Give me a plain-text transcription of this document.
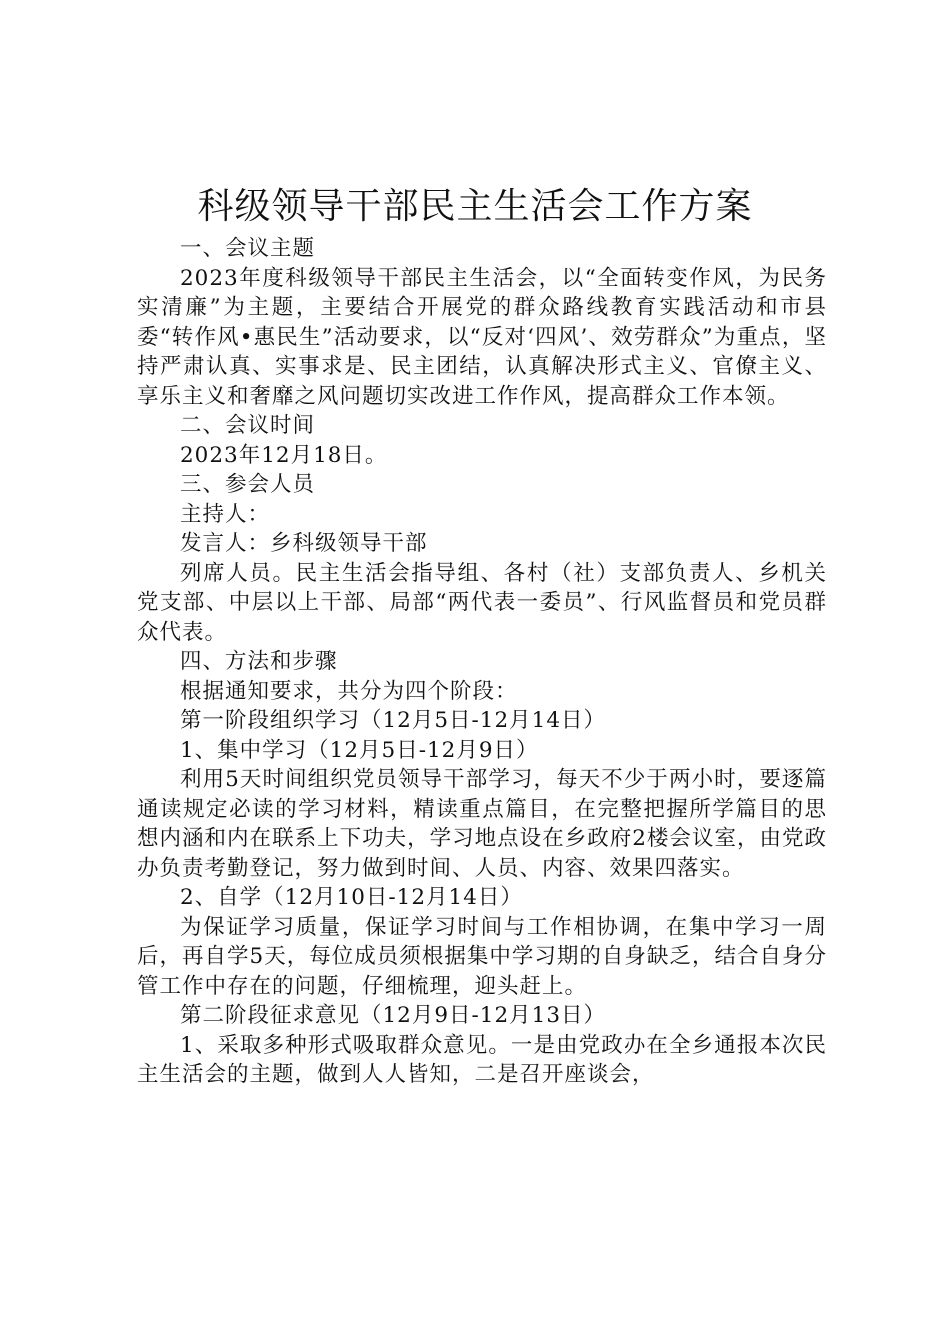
科级领导干部民主生活会工作方案

一、会议主题

2023年度科级领导干部民主生活会，以“全面转变作风，为民务实清廉”为主题，主要结合开展党的群众路线教育实践活动和市县委“转作风•惠民生”活动要求，以“反对‘四风’、效劳群众”为重点，坚持严肃认真、实事求是、民主团结，认真解决形式主义、官僚主义、享乐主义和奢靡之风问题切实改进工作作风，提高群众工作本领。

二、会议时间

2023年12月18日。

三、参会人员

主持人：

发言人：乡科级领导干部

列席人员。民主生活会指导组、各村（社）支部负责人、乡机关党支部、中层以上干部、局部“两代表一委员”、行风监督员和党员群众代表。

四、方法和步骤

根据通知要求，共分为四个阶段：

第一阶段组织学习（12月5日-12月14日）

1、集中学习（12月5日-12月9日）

利用5天时间组织党员领导干部学习，每天不少于两小时，要逐篇通读规定必读的学习材料，精读重点篇目，在完整把握所学篇目的思想内涵和内在联系上下功夫，学习地点设在乡政府2楼会议室，由党政办负责考勤登记，努力做到时间、人员、内容、效果四落实。

2、自学（12月10日-12月14日）

为保证学习质量，保证学习时间与工作相协调，在集中学习一周后，再自学5天，每位成员须根据集中学习期的自身缺乏，结合自身分管工作中存在的问题，仔细梳理，迎头赶上。

第二阶段征求意见（12月9日-12月13日）

1、采取多种形式吸取群众意见。一是由党政办在全乡通报本次民主生活会的主题，做到人人皆知，二是召开座谈会，
